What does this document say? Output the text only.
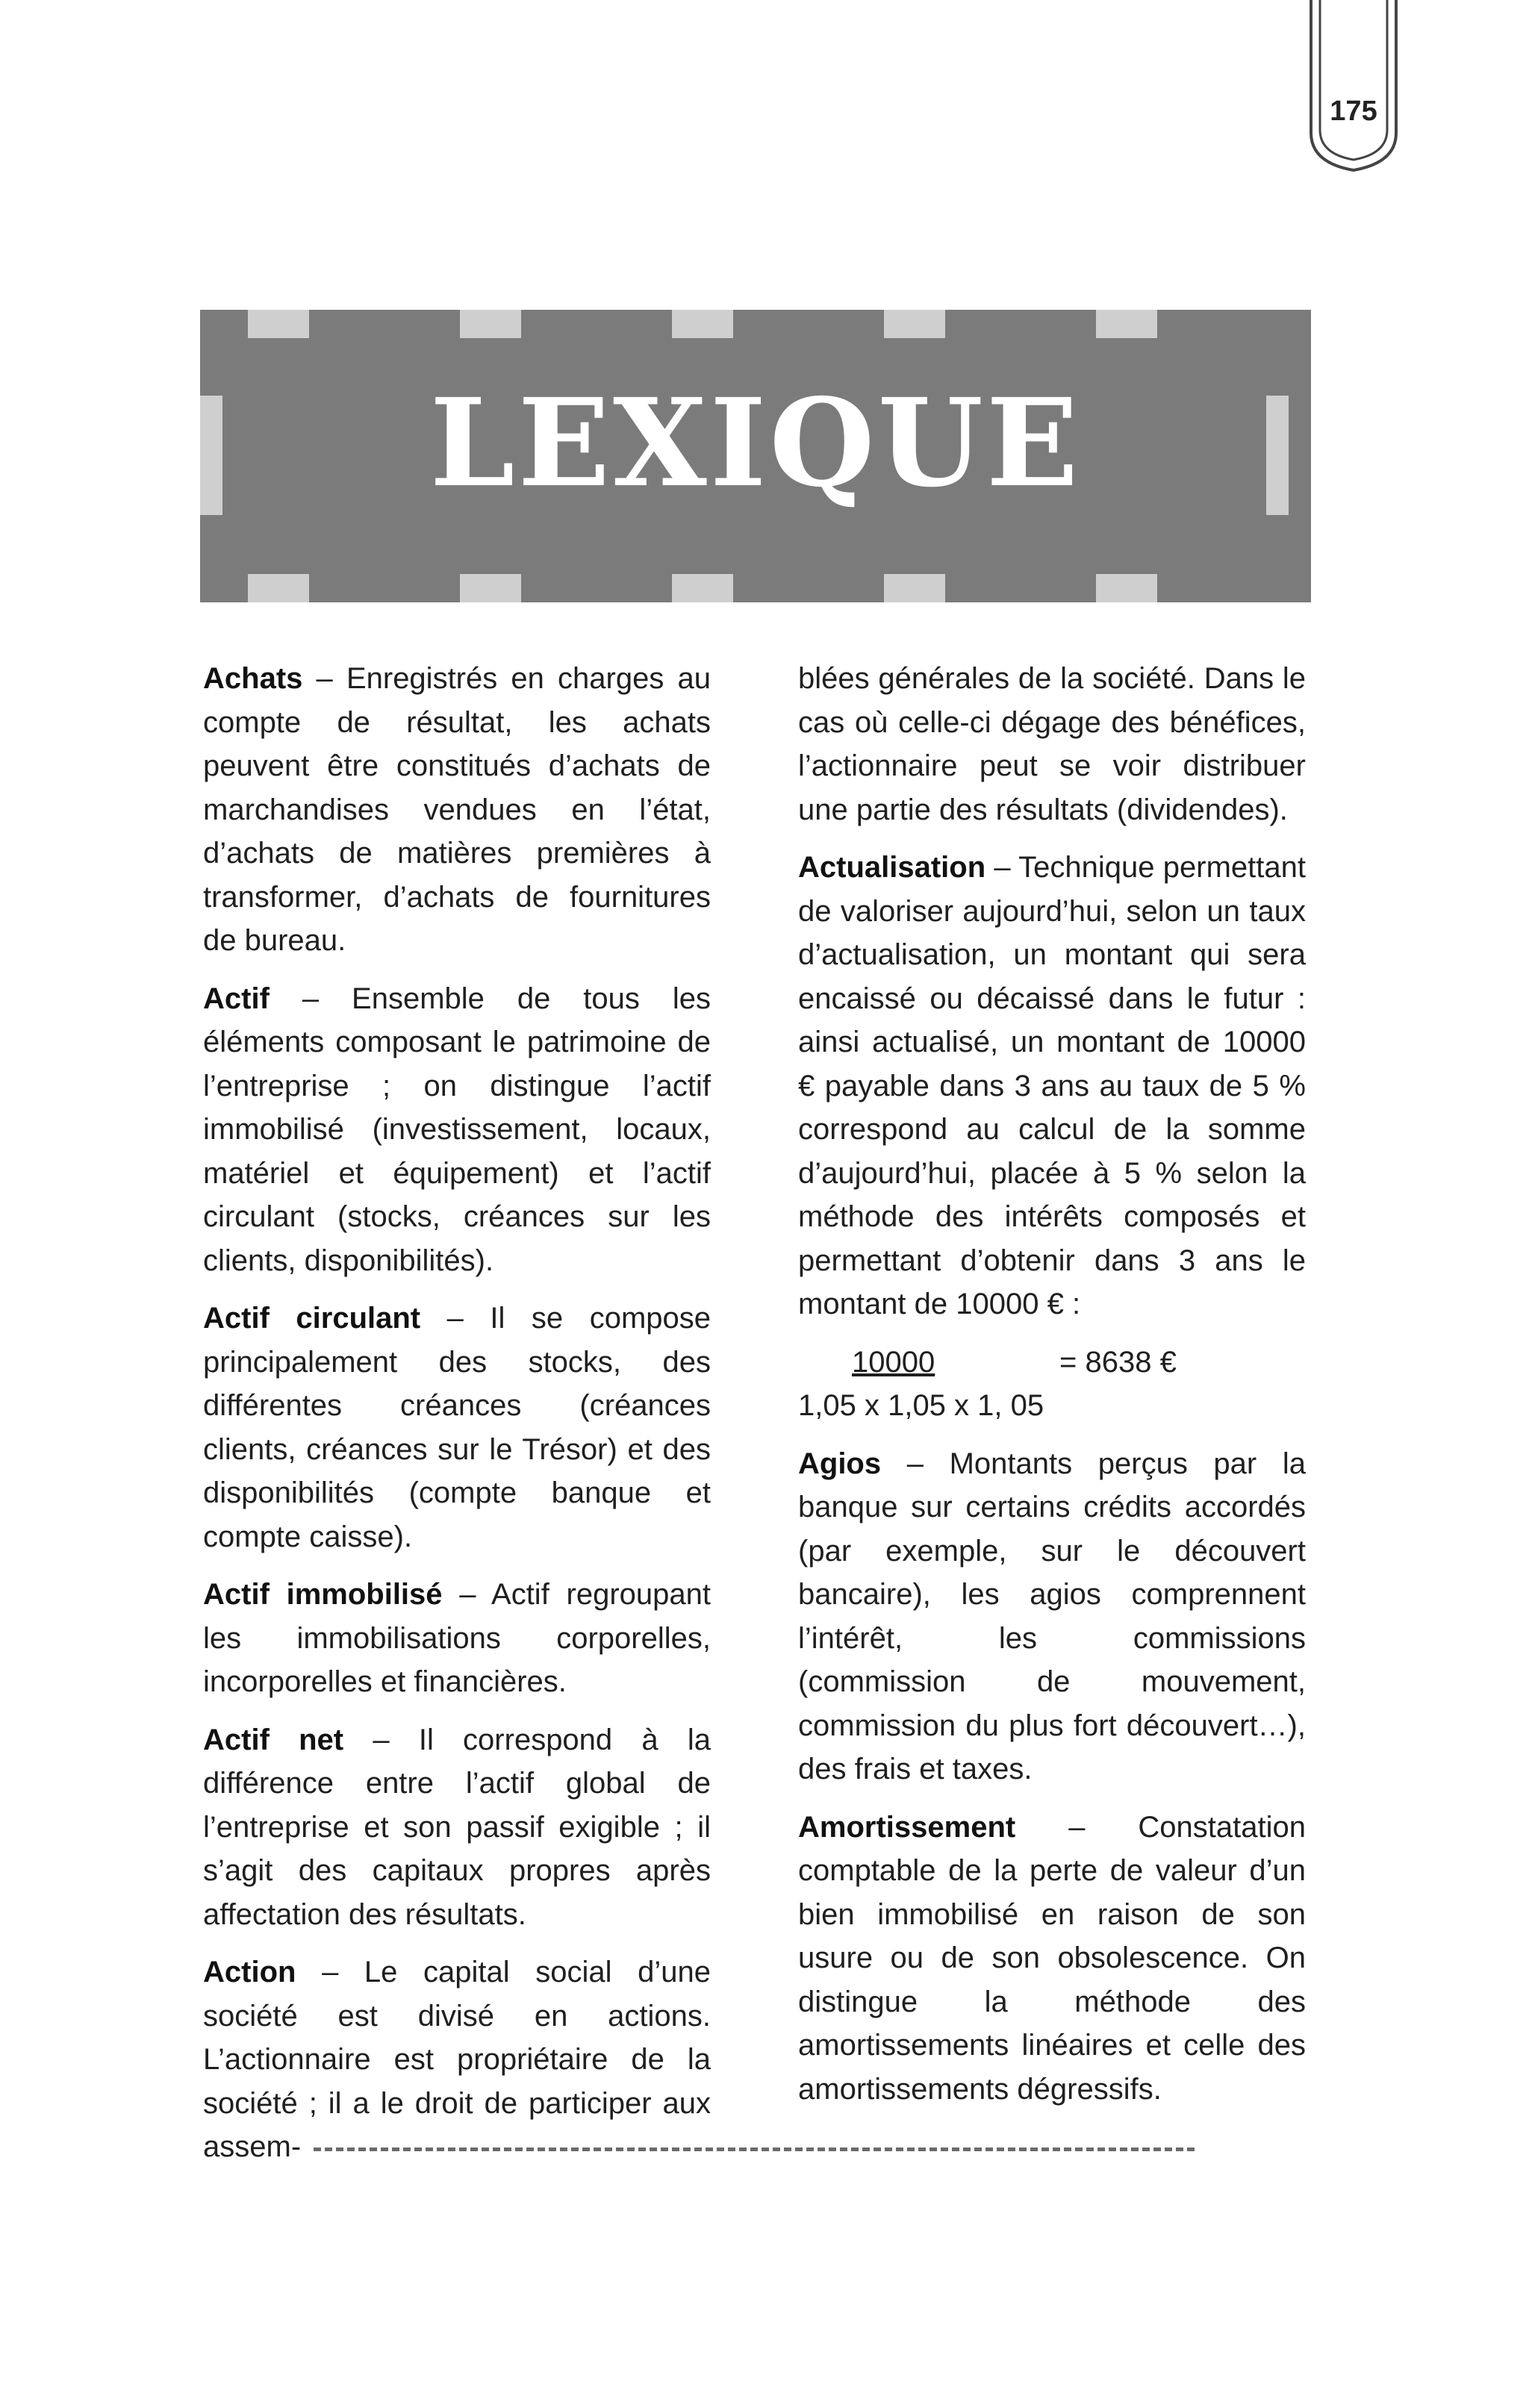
175
LEXIQUE

Achats – Enregistrés en charges au compte de résultat, les achats peuvent être constitués d’achats de marchandises vendues en l’état, d’achats de matières premières à transformer, d’achats de fournitures de bureau.

Actif – Ensemble de tous les éléments composant le patrimoine de l’entreprise ; on distingue l’actif immobilisé (investissement, locaux, matériel et équipement) et l’actif circulant (stocks, créances sur les clients, disponibilités).

Actif circulant – Il se compose principalement des stocks, des différentes créances (créances clients, créances sur le Trésor) et des disponibilités (compte banque et compte caisse).

Actif immobilisé – Actif regroupant les immobilisations corporelles, incorporelles et financières.

Actif net – Il correspond à la différence entre l’actif global de l’entreprise et son passif exigible ; il s’agit des capitaux propres après affectation des résultats.

Action – Le capital social d’une société est divisé en actions. L’actionnaire est propriétaire de la société ; il a le droit de participer aux assem-

blées générales de la société. Dans le cas où celle-ci dégage des bénéfices, l’actionnaire peut se voir distribuer une partie des résultats (dividendes).

Actualisation – Technique permettant de valoriser aujourd’hui, selon un taux d’actualisation, un montant qui sera encaissé ou décaissé dans le futur : ainsi actualisé, un montant de 10000 € payable dans 3 ans au taux de 5 % correspond au calcul de la somme d’aujourd’hui, placée à 5 % selon la méthode des intérêts composés et permettant d’obtenir dans 3 ans le montant de 10000 € :

10000	= 8638 €
1,05 x 1,05 x 1, 05

Agios – Montants perçus par la banque sur certains crédits accordés (par exemple, sur le découvert bancaire), les agios comprennent l’intérêt, les commissions (commission de mouvement, commission du plus fort découvert…), des frais et taxes.

Amortissement – Constatation comptable de la perte de valeur d’un bien immobilisé en raison de son usure ou de son obsolescence. On distingue la méthode des amortissements linéaires et celle des amortissements dégressifs.
